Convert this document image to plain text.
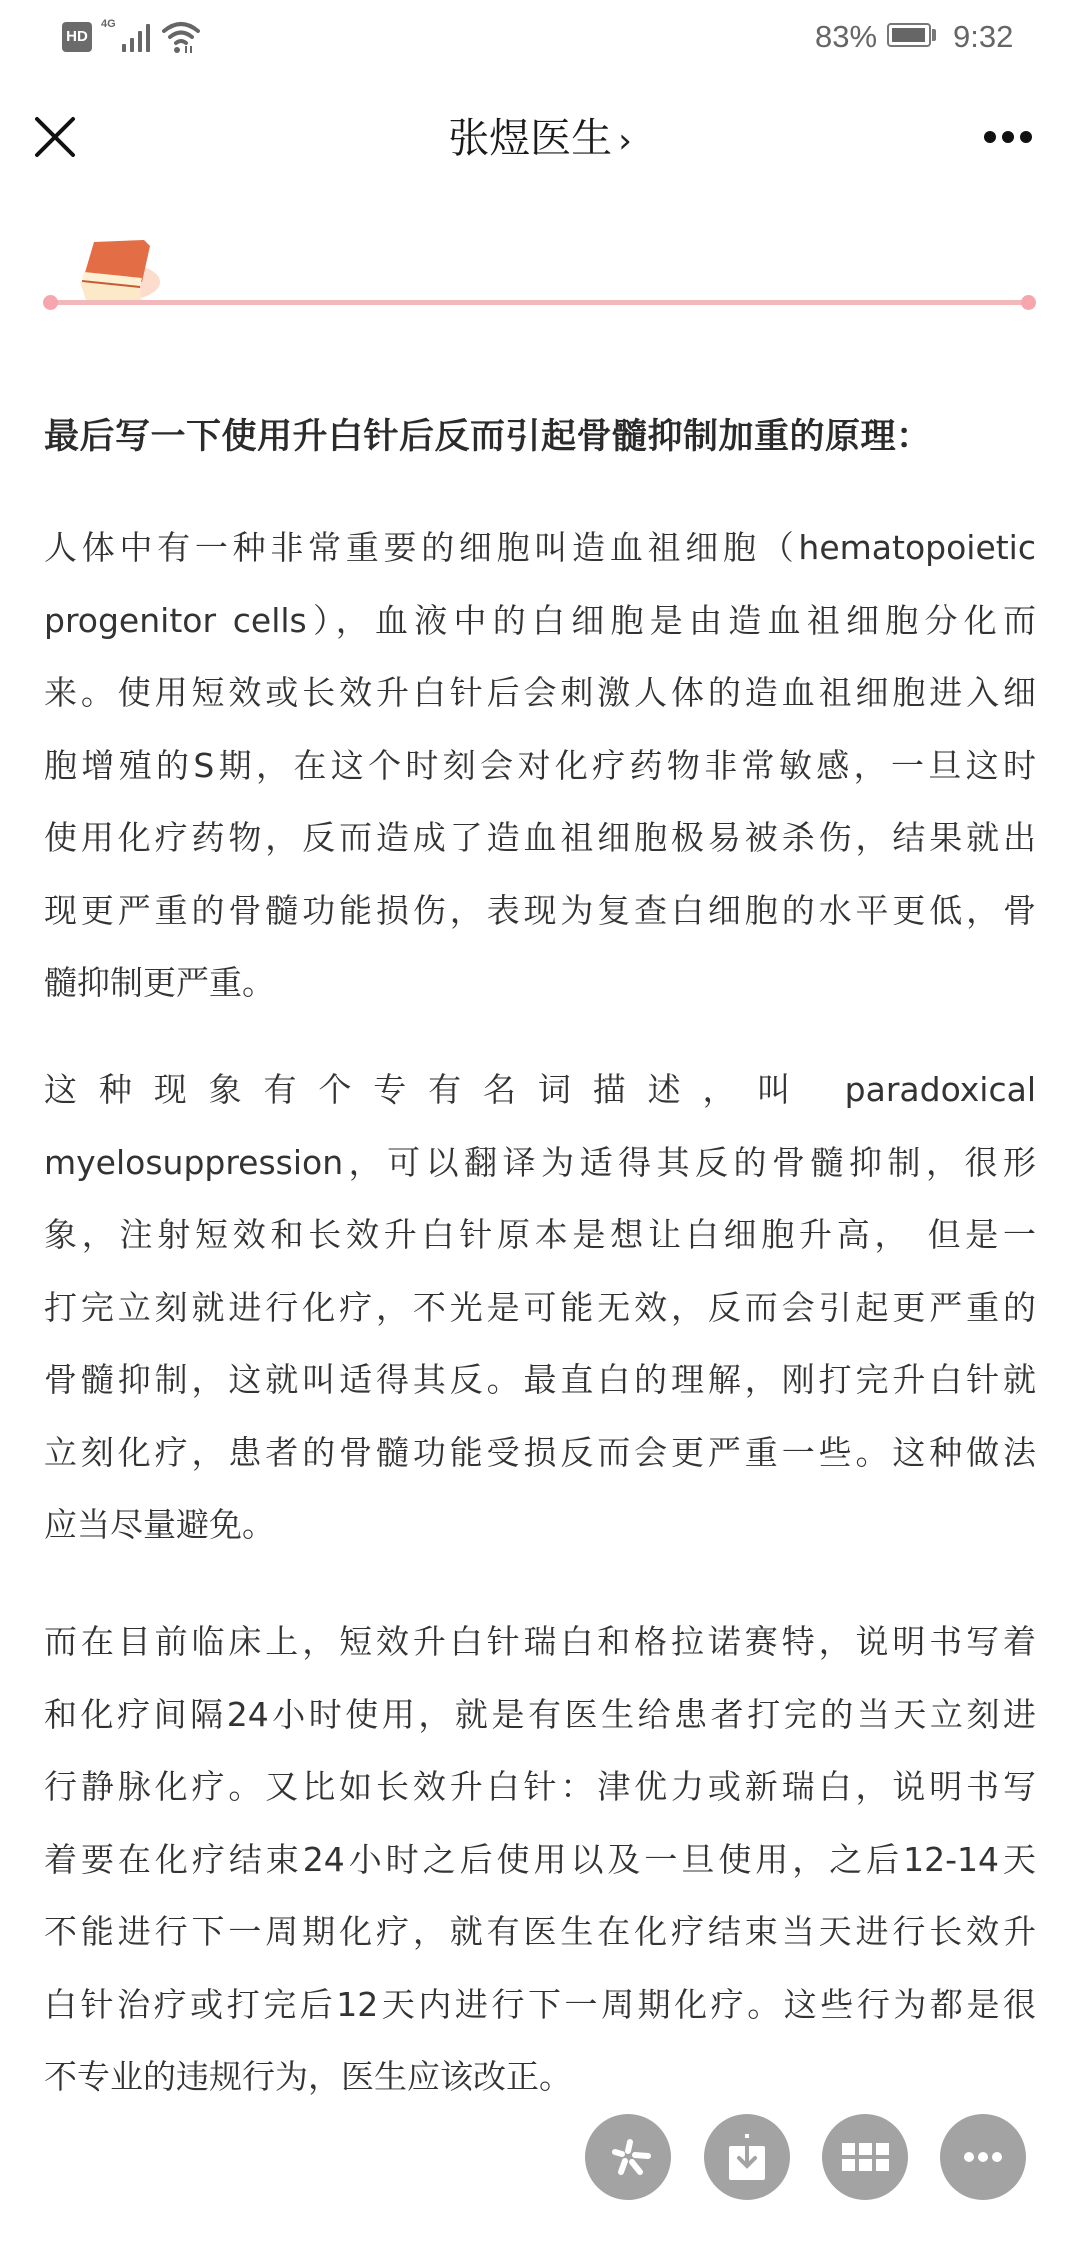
HD
4G	83% 9:32
张煜医生 ›
最后写一下使用升白针后反而引起骨髓抑制加重的原理：
人体中有一种非常重要的细胞叫造血祖细胞（hematopoietic
progenitor cells），血液中的白细胞是由造血祖细胞分化而
来。使用短效或长效升白针后会刺激人体的造血祖细胞进入细
胞增殖的S期，在这个时刻会对化疗药物非常敏感，一旦这时
使用化疗药物，反而造成了造血祖细胞极易被杀伤，结果就出
现更严重的骨髓功能损伤，表现为复查白细胞的水平更低，骨
髓抑制更严重。
这种现象有个专有名词描述，叫 paradoxical
myelosuppression，可以翻译为适得其反的骨髓抑制，很形
象，注射短效和长效升白针原本是想让白细胞升高， 但是一
打完立刻就进行化疗，不光是可能无效，反而会引起更严重的
骨髓抑制，这就叫适得其反。最直白的理解，刚打完升白针就
立刻化疗，患者的骨髓功能受损反而会更严重一些。这种做法
应当尽量避免。
而在目前临床上，短效升白针瑞白和格拉诺赛特，说明书写着
和化疗间隔24小时使用，就是有医生给患者打完的当天立刻进
行静脉化疗。又比如长效升白针：津优力或新瑞白，说明书写
着要在化疗结束24小时之后使用以及一旦使用，之后12-14天
不能进行下一周期化疗，就有医生在化疗结束当天进行长效升
白针治疗或打完后12天内进行下一周期化疗。这些行为都是很
不专业的违规行为，医生应该改正。
